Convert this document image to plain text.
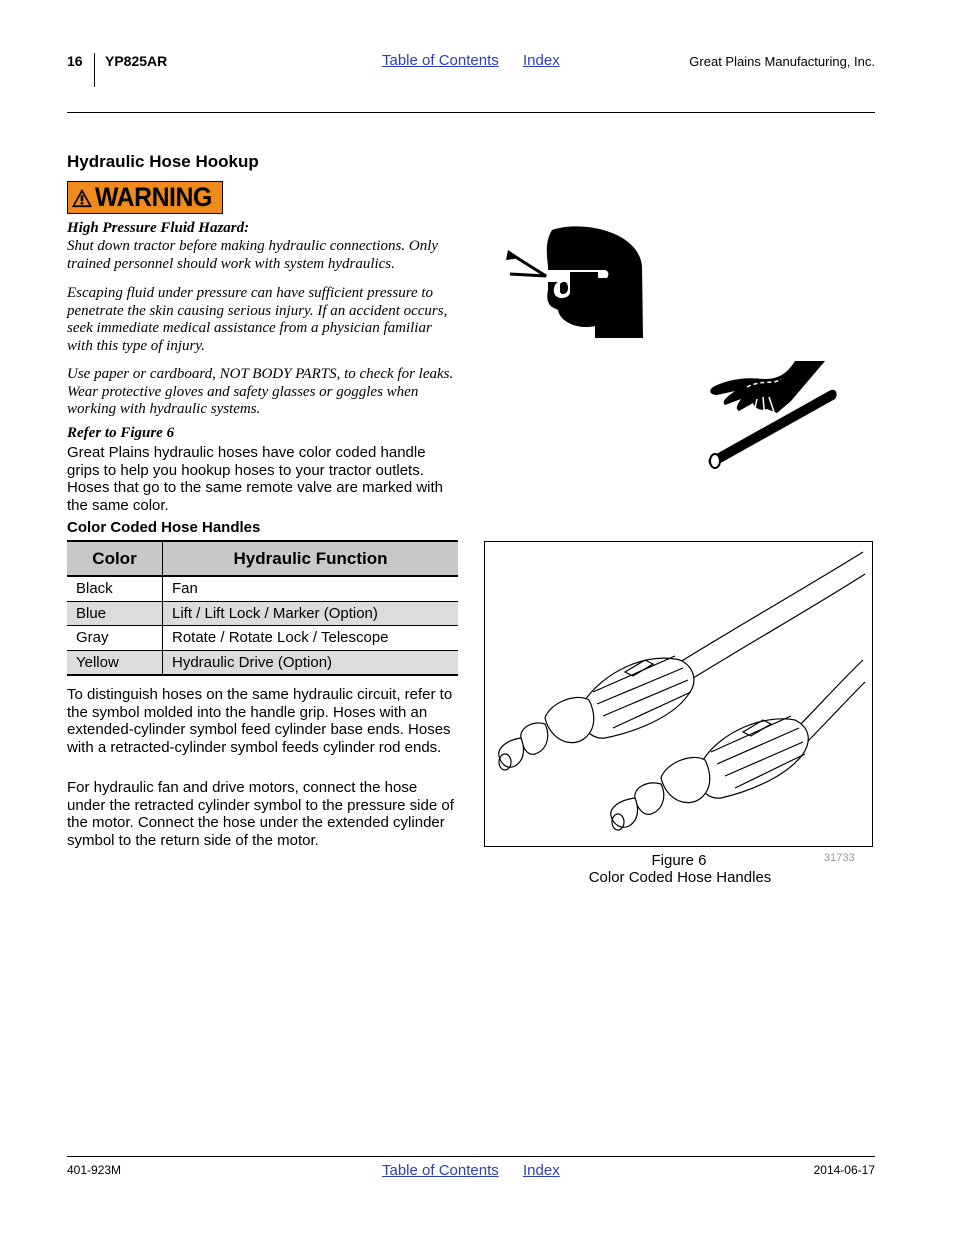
16 YP825AR	Table of Contents Index	Great Plains Manufacturing, Inc.
Hydraulic Hose Hookup
WARNING
High Pressure Fluid Hazard:
Shut down tractor before making hydraulic connections. Only trained personnel should work with system hydraulics.
Escaping fluid under pressure can have sufficient pressure to penetrate the skin causing serious injury. If an accident occurs, seek immediate medical assistance from a physician familiar with this type of injury.
Use paper or cardboard, NOT BODY PARTS, to check for leaks. Wear protective gloves and safety glasses or goggles when working with hydraulic systems.
Refer to Figure 6
Great Plains hydraulic hoses have color coded handle grips to help you hookup hoses to your tractor outlets. Hoses that go to the same remote valve are marked with the same color.
Color Coded Hose Handles
Color	Hydraulic Function
Black	Fan
Blue	Lift / Lift Lock / Marker (Option)
Gray	Rotate / Rotate Lock / Telescope
Yellow	Hydraulic Drive (Option)
To distinguish hoses on the same hydraulic circuit, refer to the symbol molded into the handle grip. Hoses with an extended-cylinder symbol feed cylinder base ends. Hoses with a retracted-cylinder symbol feeds cylinder rod ends.
For hydraulic fan and drive motors, connect the hose under the retracted cylinder symbol to the pressure side of the motor. Connect the hose under the extended cylinder symbol to the return side of the motor.
Figure 6
Color Coded Hose Handles
31733
401-923M	Table of Contents Index	2014-06-17
